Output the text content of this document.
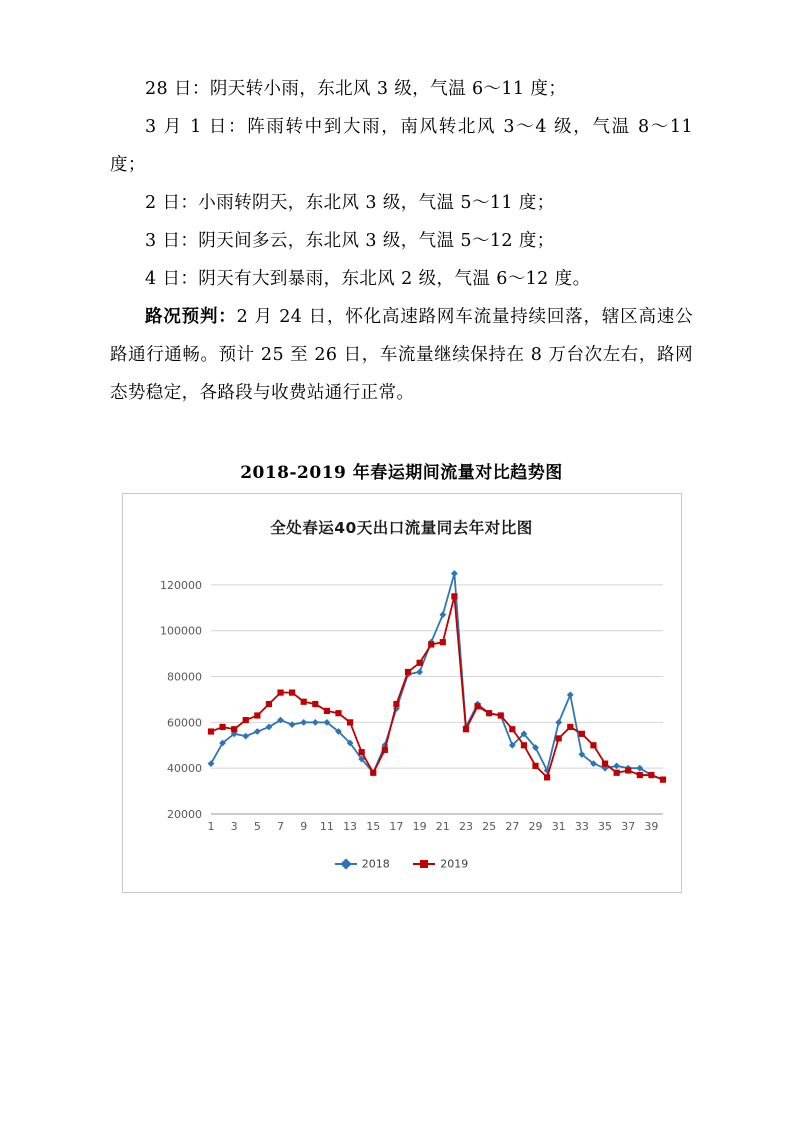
28 日：阴天转小雨，东北风 3 级，气温 6～11 度；

3 月 1 日：阵雨转中到大雨，南风转北风 3～4 级，气温 8～11 度；

2 日：小雨转阴天，东北风 3 级，气温 5～11 度；

3 日：阴天间多云，东北风 3 级，气温 5～12 度；

4 日：阴天有大到暴雨，东北风 2 级，气温 6～12 度。

路况预判：2 月 24 日，怀化高速路网车流量持续回落，辖区高速公路通行通畅。预计 25 至 26 日，车流量继续保持在 8 万台次左右，路网态势稳定，各路段与收费站通行正常。

2018-2019 年春运期间流量对比趋势图
全处春运40天出口流量同去年对比图
20000
40000
60000
80000
100000
120000
1 3 5 7 9 11 13 15 17 19 21 23 25 27 29 31 33 35 37 39
2018	2019
